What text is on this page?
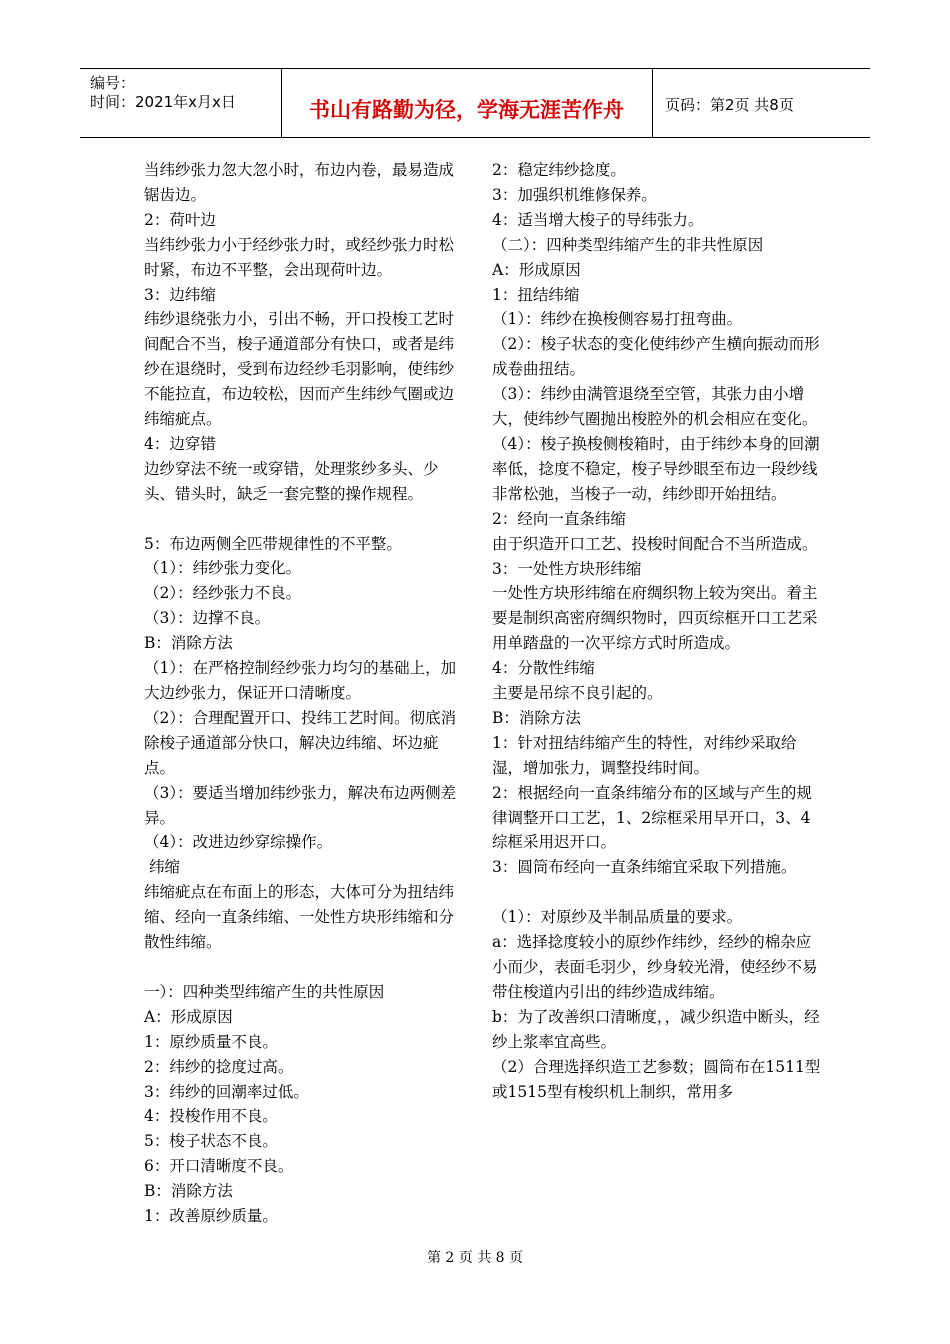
编号：
时间：2021年x月x日	书山有路勤为径，学海无涯苦作舟	页码：第2页 共8页

当纬纱张力忽大忽小时，布边内卷，最易造成锯齿边。

2：荷叶边

当纬纱张力小于经纱张力时，或经纱张力时松时紧，布边不平整，会出现荷叶边。

3：边纬缩

纬纱退绕张力小，引出不畅，开口投梭工艺时间配合不当，梭子通道部分有快口，或者是纬纱在退绕时，受到布边经纱毛羽影响，使纬纱不能拉直，布边较松，因而产生纬纱气圈或边纬缩疵点。

4：边穿错

边纱穿法不统一或穿错，处理浆纱多头、少头、错头时，缺乏一套完整的操作规程。

5：布边两侧全匹带规律性的不平整。

（1）：纬纱张力变化。

（2）：经纱张力不良。

（3）：边撑不良。

B：消除方法

（1）：在严格控制经纱张力均匀的基础上，加大边纱张力，保证开口清晰度。

（2）：合理配置开口、投纬工艺时间。彻底消除梭子通道部分快口，解决边纬缩、坏边疵点。

（3）：要适当增加纬纱张力，解决布边两侧差异。

（4）：改进边纱穿综操作。

纬缩

纬缩疵点在布面上的形态，大体可分为扭结纬缩、经向一直条纬缩、一处性方块形纬缩和分散性纬缩。

一）：四种类型纬缩产生的共性原因

A：形成原因

1：原纱质量不良。

2：纬纱的捻度过高。

3：纬纱的回潮率过低。

4：投梭作用不良。

5：梭子状态不良。

6：开口清晰度不良。

B：消除方法

1：改善原纱质量。

2：稳定纬纱捻度。

3：加强织机维修保养。

4：适当增大梭子的导纬张力。

（二）：四种类型纬缩产生的非共性原因

A：形成原因

1：扭结纬缩

（1）：纬纱在换梭侧容易打扭弯曲。

（2）：梭子状态的变化使纬纱产生横向振动而形成卷曲扭结。

（3）：纬纱由满管退绕至空管，其张力由小增大，使纬纱气圈抛出梭腔外的机会相应在变化。

（4）：梭子换梭侧梭箱时，由于纬纱本身的回潮率低，捻度不稳定，梭子导纱眼至布边一段纱线非常松弛，当梭子一动，纬纱即开始扭结。

2：经向一直条纬缩

由于织造开口工艺、投梭时间配合不当所造成。

3：一处性方块形纬缩

一处性方块形纬缩在府绸织物上较为突出。着主要是制织高密府绸织物时，四页综框开口工艺采用单踏盘的一次平综方式时所造成。

4：分散性纬缩

主要是吊综不良引起的。

B：消除方法

1：针对扭结纬缩产生的特性，对纬纱采取给湿，增加张力，调整投纬时间。

2：根据经向一直条纬缩分布的区域与产生的规律调整开口工艺，1、2综框采用早开口，3、4综框采用迟开口。

3：圆筒布经向一直条纬缩宜采取下列措施。

（1）：对原纱及半制品质量的要求。

a：选择捻度较小的原纱作纬纱，经纱的棉杂应小而少，表面毛羽少，纱身较光滑，使经纱不易带住梭道内引出的纬纱造成纬缩。

b：为了改善织口清晰度，，减少织造中断头，经纱上浆率宜高些。

（2）合理选择织造工艺参数；圆筒布在1511型或1515型有梭织机上制织，常用多

第 2 页 共 8 页
